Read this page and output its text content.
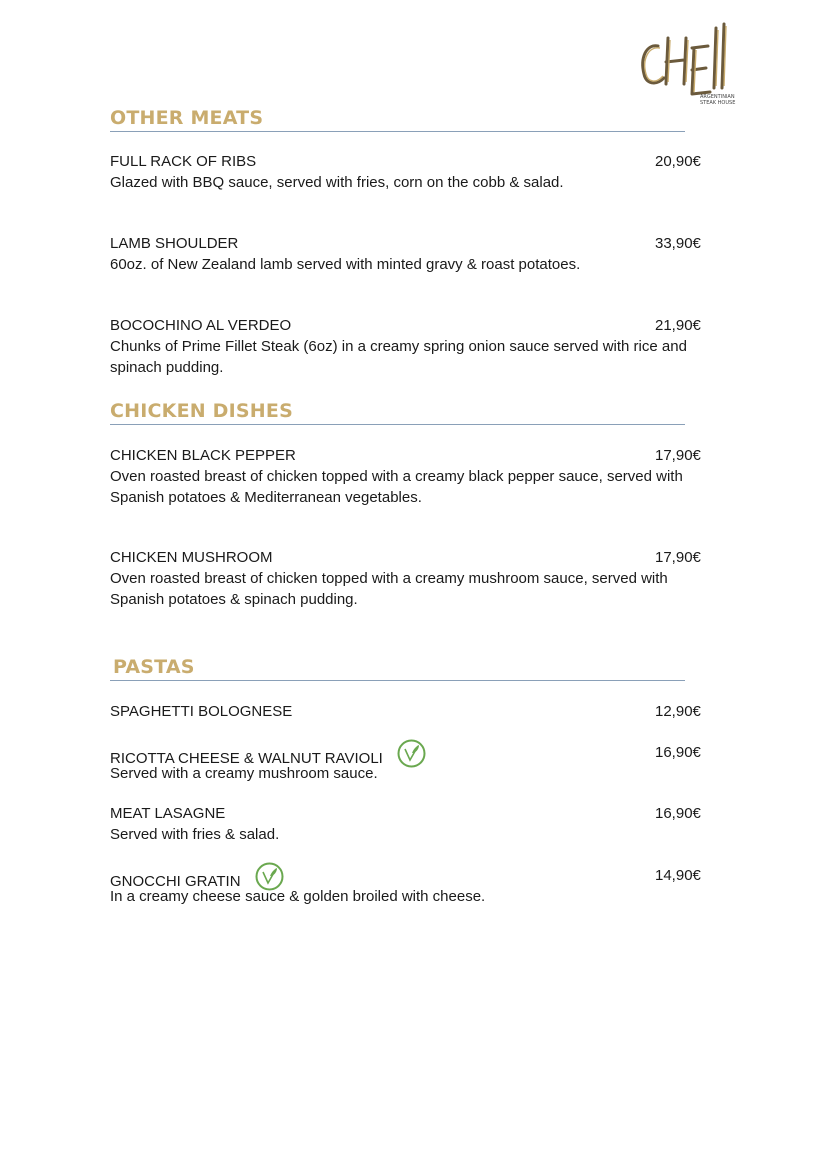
ARGENTINIAN
STEAK HOUSE
OTHER MEATS
FULL RACK OF RIBS	20,90€
Glazed with BBQ sauce, served with fries, corn on the cobb & salad.
LAMB SHOULDER	33,90€
60oz. of New Zealand lamb served with minted gravy & roast potatoes.
BOCOCHINO AL VERDEO	21,90€
Chunks of Prime Fillet Steak (6oz) in a creamy spring onion sauce served with rice and spinach pudding.
CHICKEN DISHES
CHICKEN BLACK PEPPER	17,90€
Oven roasted breast of chicken topped with a creamy black pepper sauce, served with Spanish potatoes & Mediterranean vegetables.
CHICKEN MUSHROOM	17,90€
Oven roasted breast of chicken topped with a creamy mushroom sauce, served with Spanish potatoes & spinach pudding.
PASTAS
SPAGHETTI BOLOGNESE	12,90€
RICOTTA CHEESE & WALNUT RAVIOLI	16,90€
Served with a creamy mushroom sauce.
MEAT LASAGNE	16,90€
Served with fries & salad.
GNOCCHI GRATIN	14,90€
In a creamy cheese sauce & golden broiled with cheese.
